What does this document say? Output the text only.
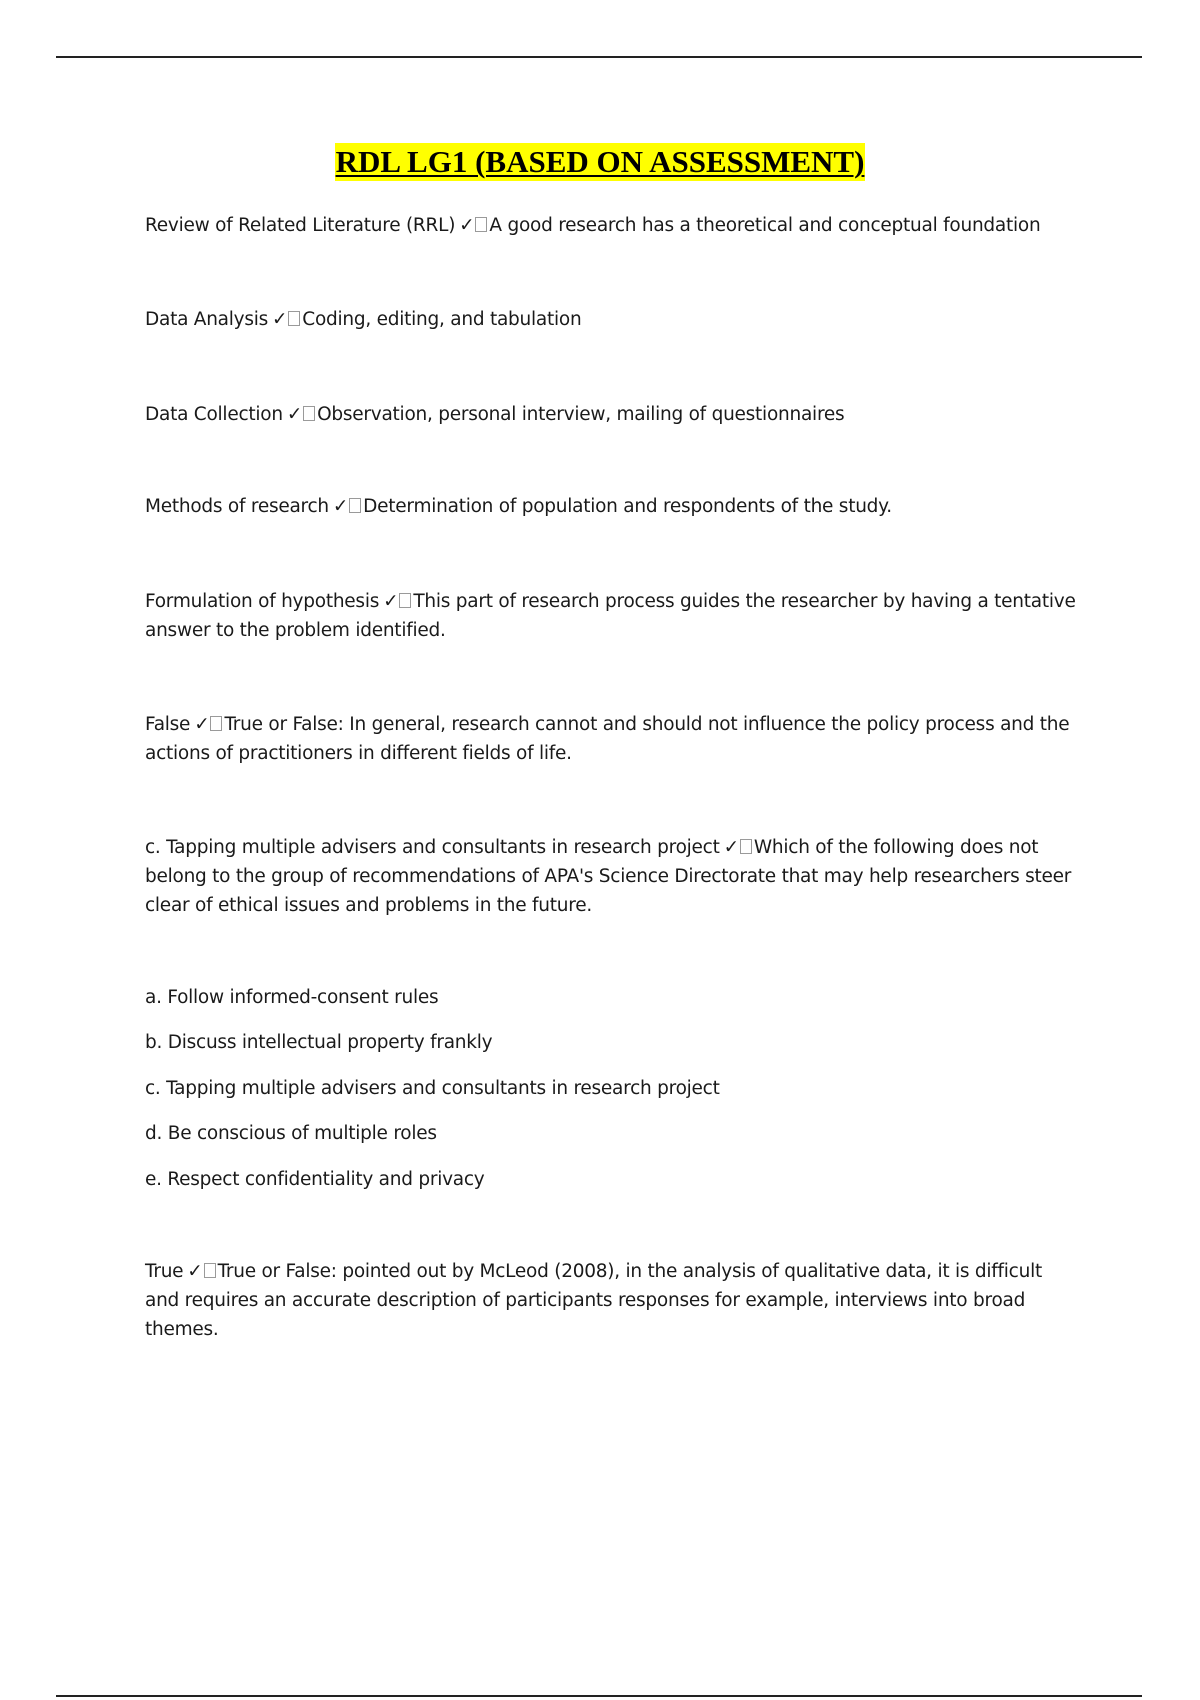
RDL LG1 (BASED ON ASSESSMENT)

Review of Related Literature (RRL) ✓ A good research has a theoretical and conceptual foundation

Data Analysis ✓ Coding, editing, and tabulation

Data Collection ✓ Observation, personal interview, mailing of questionnaires

Methods of research ✓ Determination of population and respondents of the study.

Formulation of hypothesis ✓ This part of research process guides the researcher by having a tentative answer to the problem identified.

False ✓ True or False: In general, research cannot and should not influence the policy process and the actions of practitioners in different fields of life.

c. Tapping multiple advisers and consultants in research project ✓ Which of the following does not belong to the group of recommendations of APA's Science Directorate that may help researchers steer clear of ethical issues and problems in the future.

a. Follow informed-consent rules

b. Discuss intellectual property frankly

c. Tapping multiple advisers and consultants in research project

d. Be conscious of multiple roles

e. Respect confidentiality and privacy

True ✓ True or False: pointed out by McLeod (2008), in the analysis of qualitative data, it is difficult and requires an accurate description of participants responses for example, interviews into broad themes.
